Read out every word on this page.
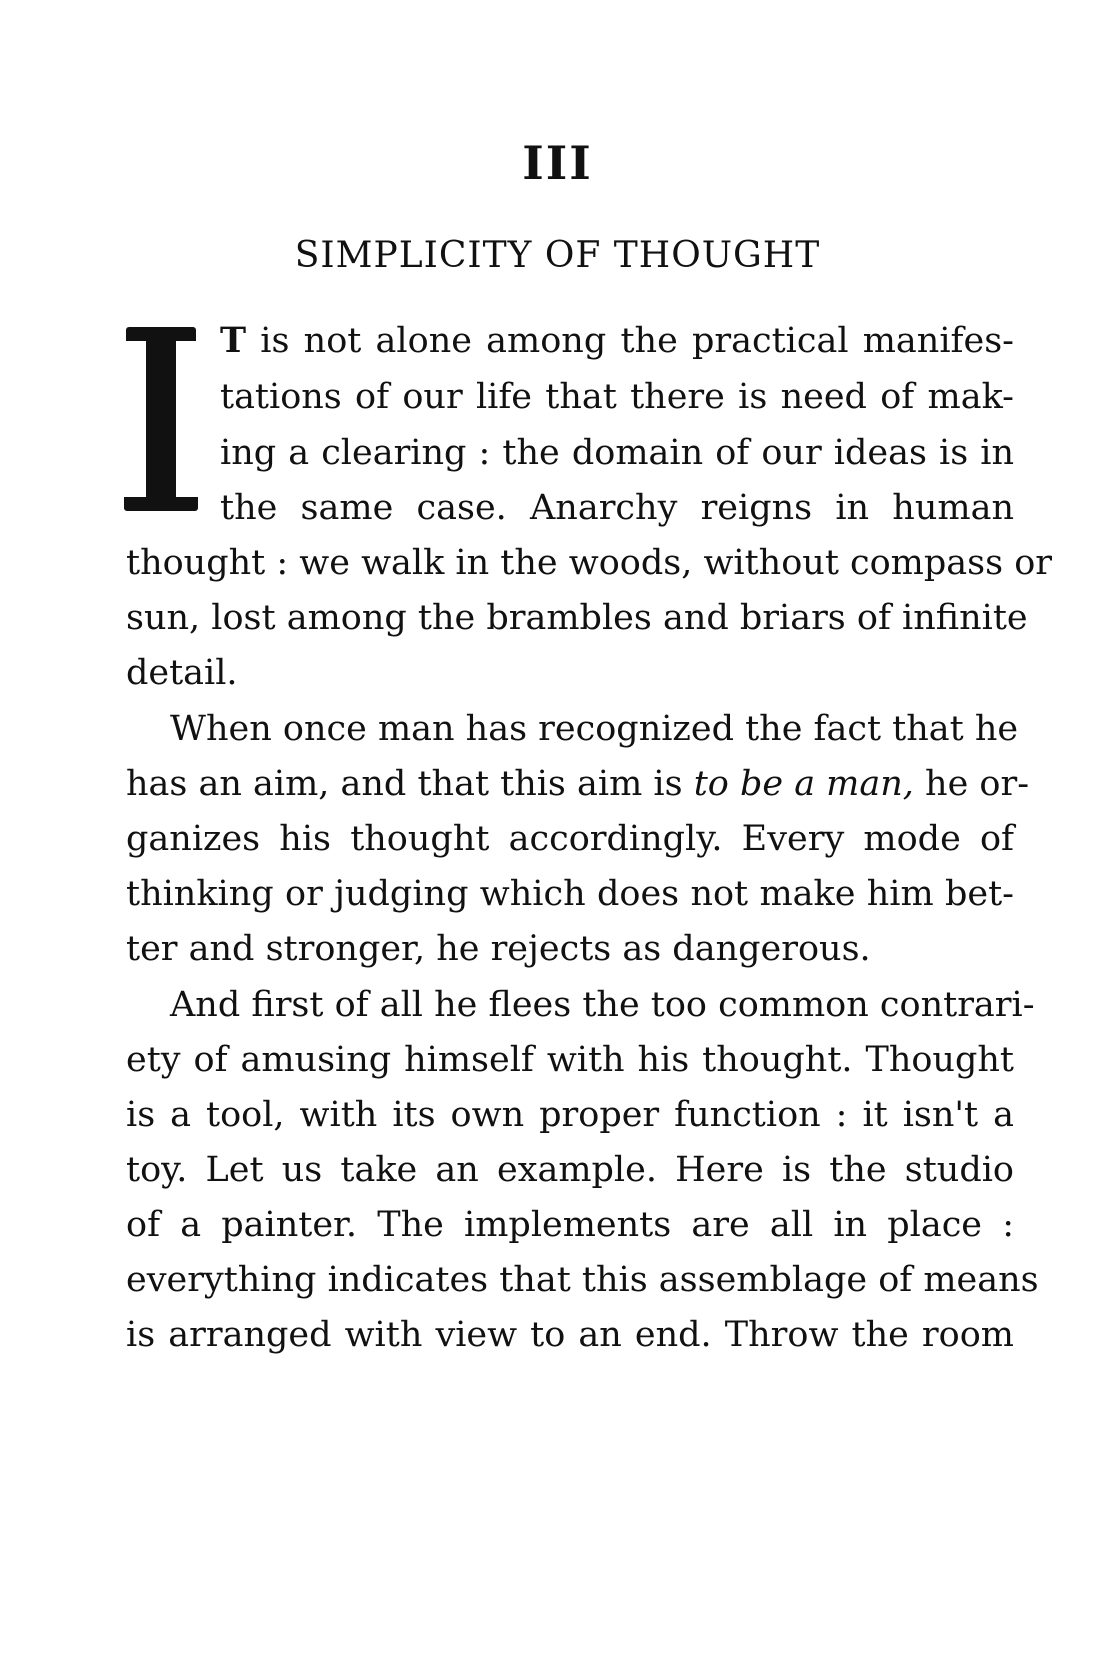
III
SIMPLICITY OF THOUGHT

T is not alone among the practical manifes-

tations of our life that there is need of mak-

ing a clearing : the domain of our ideas is in

the same case. Anarchy reigns in human

thought : we walk in the woods, without compass or

sun, lost among the brambles and briars of infinite

detail.

When once man has recognized the fact that he

has an aim, and that this aim is to be a man, he or-

ganizes his thought accordingly. Every mode of

thinking or judging which does not make him bet-

ter and stronger, he rejects as dangerous.

And first of all he flees the too common contrari-

ety of amusing himself with his thought. Thought

is a tool, with its own proper function : it isn't a

toy. Let us take an example. Here is the studio

of a painter. The implements are all in place :

everything indicates that this assemblage of means

is arranged with view to an end. Throw the room
